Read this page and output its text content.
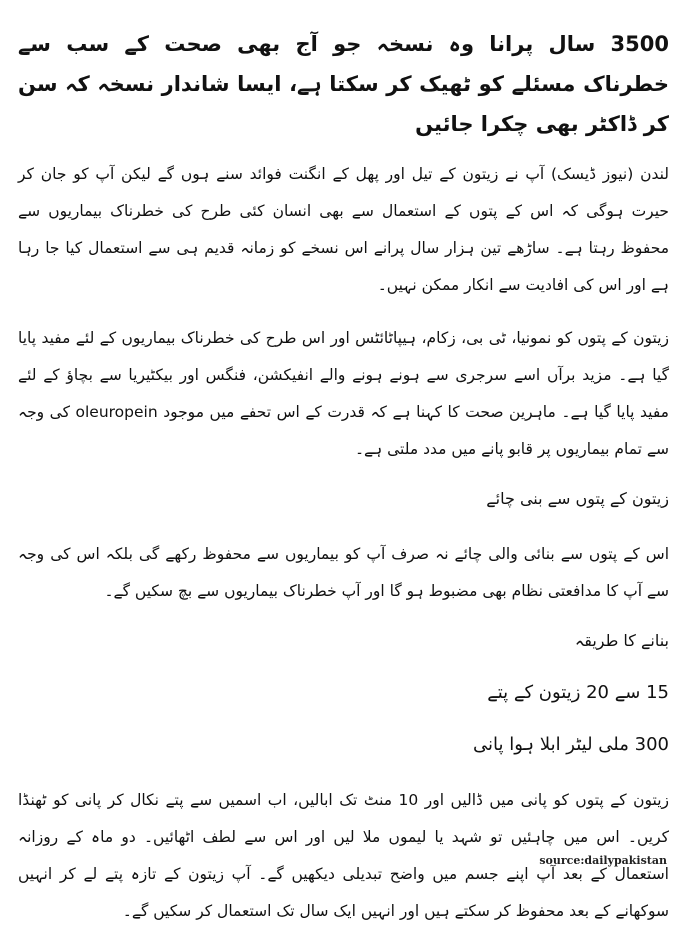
3500 سال پرانا وہ نسخہ جو آج بھی صحت کے سب سے خطرناک مسئلے کو ٹھیک کر سکتا ہے، ایسا شاندار نسخہ کہ سن کر ڈاکٹر بھی چکرا جائیں

لندن (نیوز ڈیسک) آپ نے زیتون کے تیل اور پھل کے انگنت فوائد سنے ہوں گے لیکن آپ کو جان کر حیرت ہوگی کہ اس کے پتوں کے استعمال سے بھی انسان کئی طرح کی خطرناک بیماریوں سے محفوظ رہتا ہے۔ ساڑھے تین ہزار سال پرانے اس نسخے کو زمانہ قدیم ہی سے استعمال کیا جا رہا ہے اور اس کی افادیت سے انکار ممکن نہیں۔

زیتون کے پتوں کو نمونیا، ٹی بی، زکام، ہیپاٹائٹس اور اس طرح کی خطرناک بیماریوں کے لئے مفید پایا گیا ہے۔ مزید برآں اسے سرجری سے ہونے ہونے والے انفیکشن، فنگس اور بیکٹیریا سے بچاؤ کے لئے مفید پایا گیا ہے۔ ماہرین صحت کا کہنا ہے کہ قدرت کے اس تحفے میں موجود oleuropein کی وجہ سے تمام بیماریوں پر قابو پانے میں مدد ملتی ہے۔

زیتون کے پتوں سے بنی چائے

اس کے پتوں سے بنائی والی چائے نہ صرف آپ کو بیماریوں سے محفوظ رکھے گی بلکہ اس کی وجہ سے آپ کا مدافعتی نظام بھی مضبوط ہو گا اور آپ خطرناک بیماریوں سے بچ سکیں گے۔

بنانے کا طریقہ
15 سے 20 زیتون کے پتے
300 ملی لیٹر ابلا ہوا پانی

زیتون کے پتوں کو پانی میں ڈالیں اور 10 منٹ تک ابالیں، اب اسمیں سے پتے نکال کر پانی کو ٹھنڈا کریں۔ اس میں چاہئیں تو شہد یا لیموں ملا لیں اور اس سے لطف اٹھائیں۔ دو ماہ کے روزانہ استعمال کے بعد آپ اپنے جسم میں واضح تبدیلی دیکھیں گے۔ آپ زیتون کے تازہ پتے لے کر انہیں سوکھانے کے بعد محفوظ کر سکتے ہیں اور انہیں ایک سال تک استعمال کر سکیں گے۔

source:dailypakistan
